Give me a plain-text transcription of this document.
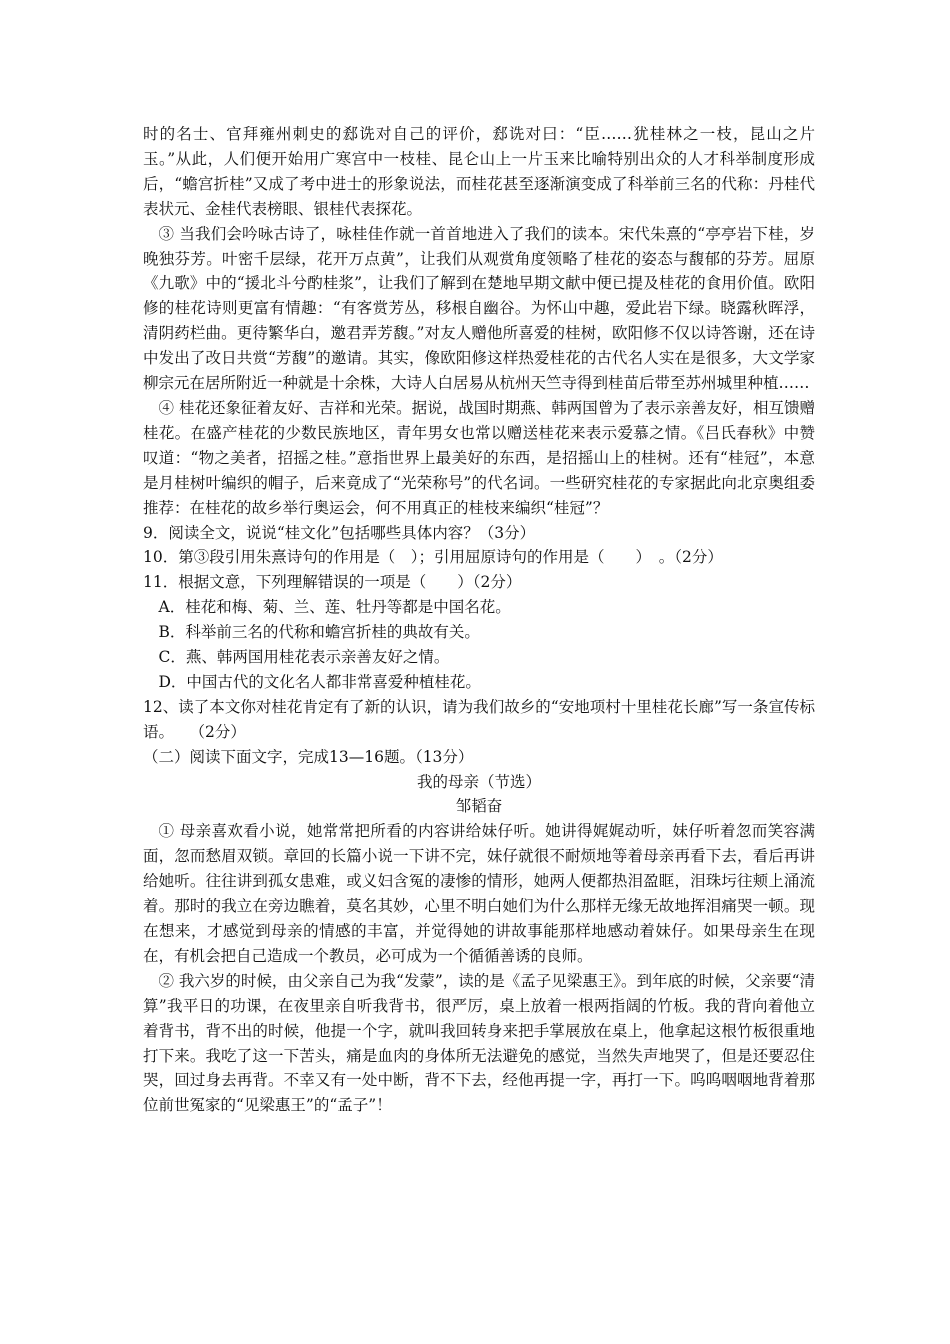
时的名士、官拜雍州刺史的郄诜对自己的评价，郄诜对曰：“臣……犹桂林之一枝，昆山之片玉。”从此，人们便开始用广寒宫中一枝桂、昆仑山上一片玉来比喻特别出众的人才科举制度形成后，“蟾宫折桂”又成了考中进士的形象说法，而桂花甚至逐渐演变成了科举前三名的代称：丹桂代表状元、金桂代表榜眼、银桂代表探花。

③ 当我们会吟咏古诗了，咏桂佳作就一首首地进入了我们的读本。宋代朱熹的“亭亭岩下桂，岁晚独芬芳。叶密千层绿，花开万点黄”，让我们从观赏角度领略了桂花的姿态与馥郁的芬芳。屈原《九歌》中的“援北斗兮酌桂浆”，让我们了解到在楚地早期文献中便已提及桂花的食用价值。欧阳修的桂花诗则更富有情趣：“有客赏芳丛，移根自幽谷。为怀山中趣，爱此岩下绿。晓露秋晖浮，清阴药栏曲。更待繁华白，邀君弄芳馥。”对友人赠他所喜爱的桂树，欧阳修不仅以诗答谢，还在诗中发出了改日共赏“芳馥”的邀请。其实，像欧阳修这样热爱桂花的古代名人实在是很多，大文学家柳宗元在居所附近一种就是十余株，大诗人白居易从杭州天竺寺得到桂苗后带至苏州城里种植……

④ 桂花还象征着友好、吉祥和光荣。据说，战国时期燕、韩两国曾为了表示亲善友好，相互馈赠桂花。在盛产桂花的少数民族地区，青年男女也常以赠送桂花来表示爱慕之情。《吕氏春秋》中赞叹道：“物之美者，招摇之桂。”意指世界上最美好的东西，是招摇山上的桂树。还有“桂冠”，本意是月桂树叶编织的帽子，后来竟成了“光荣称号”的代名词。一些研究桂花的专家据此向北京奥组委推荐：在桂花的故乡举行奥运会，何不用真正的桂枝来编织“桂冠”？

9．阅读全文，说说“桂文化”包括哪些具体内容？（3分）

10．第③段引用朱熹诗句的作用是（　）；引用屈原诗句的作用是（　　）　。（2分）

11．根据文意，下列理解错误的一项是（　　）（2分）

A．桂花和梅、菊、兰、莲、牡丹等都是中国名花。

B．科举前三名的代称和蟾宫折桂的典故有关。

C．燕、韩两国用桂花表示亲善友好之情。

D．中国古代的文化名人都非常喜爱种植桂花。

12、读了本文你对桂花肯定有了新的认识，请为我们故乡的“安地项村十里桂花长廊”写一条宣传标语。　　（2分）

（二）阅读下面文字，完成13—16题。（13分）

我的母亲（节选）

邹韬奋

① 母亲喜欢看小说，她常常把所看的内容讲给妹仔听。她讲得娓娓动听，妹仔听着忽而笑容满面，忽而愁眉双锁。章回的长篇小说一下讲不完，妹仔就很不耐烦地等着母亲再看下去，看后再讲给她听。往往讲到孤女患难，或义妇含冤的凄惨的情形，她两人便都热泪盈眶，泪珠圬往颊上涌流着。那时的我立在旁边瞧着，莫名其妙，心里不明白她们为什么那样无缘无故地挥泪痛哭一顿。现在想来，才感觉到母亲的情感的丰富，并觉得她的讲故事能那样地感动着妹仔。如果母亲生在现在，有机会把自己造成一个教员，必可成为一个循循善诱的良师。

② 我六岁的时候，由父亲自己为我“发蒙”，读的是《孟子见梁惠王》。到年底的时候，父亲要“清算”我平日的功课，在夜里亲自听我背书，很严厉，桌上放着一根两指阔的竹板。我的背向着他立着背书，背不出的时候，他提一个字，就叫我回转身来把手掌展放在桌上，他拿起这根竹板很重地打下来。我吃了这一下苦头，痛是血肉的身体所无法避免的感觉，当然失声地哭了，但是还要忍住哭，回过身去再背。不幸又有一处中断，背不下去，经他再提一字，再打一下。呜呜咽咽地背着那位前世冤家的“见梁惠王”的“孟子”！
